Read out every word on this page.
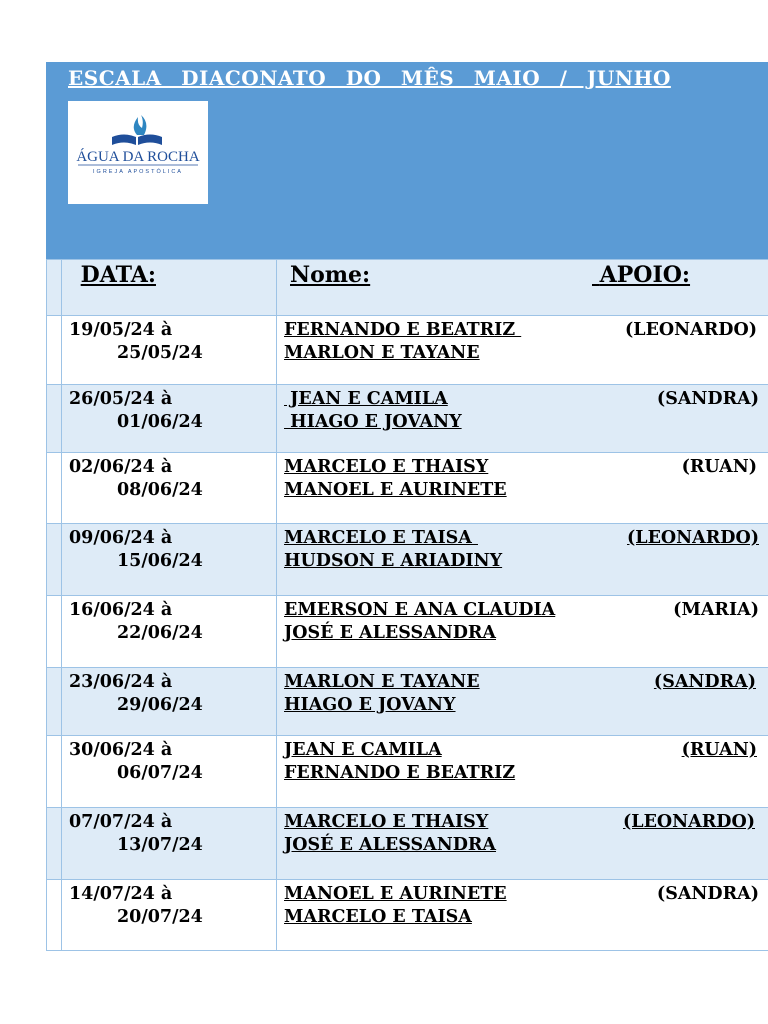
ESCALA DIACONATO DO MÊS MAIO / JUNHO
ÁGUA DA ROCHA
IGREJA APOSTÓLICA
DATA:	Nome:	APOIO:
19/05/24 à
25/05/24
FERNANDO E BEATRIZ
MARLON E TAYANE
(LEONARDO)
26/05/24 à
01/06/24
JEAN E CAMILA
HIAGO E JOVANY
(SANDRA)
02/06/24 à
08/06/24
MARCELO E THAISY
MANOEL E AURINETE
(RUAN)
09/06/24 à
15/06/24
MARCELO E TAISA
HUDSON E ARIADINY
(LEONARDO)
16/06/24 à
22/06/24
EMERSON E ANA CLAUDIA
JOSÉ E ALESSANDRA
(MARIA)
23/06/24 à
29/06/24
MARLON E TAYANE
HIAGO E JOVANY
(SANDRA)
30/06/24 à
06/07/24
JEAN E CAMILA
FERNANDO E BEATRIZ
(RUAN)
07/07/24 à
13/07/24
MARCELO E THAISY
JOSÉ E ALESSANDRA
(LEONARDO)
14/07/24 à
20/07/24
MANOEL E AURINETE
MARCELO E TAISA
(SANDRA)
